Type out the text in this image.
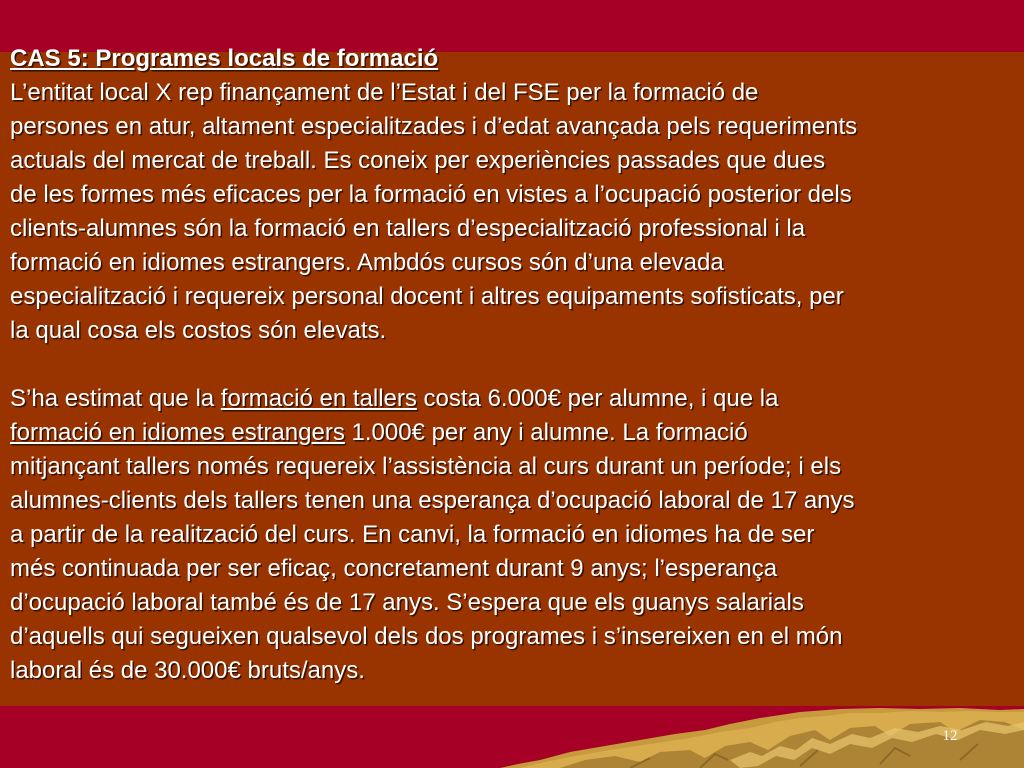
CAS 5: Programes locals de formació
L’entitat local X rep finançament de l’Estat i del FSE per la formació de
persones en atur, altament especialitzades i d’edat avançada pels requeriments
actuals del mercat de treball. Es coneix per experiències passades que dues
de les formes més eficaces per la formació en vistes a l’ocupació posterior dels
clients-alumnes són la formació en tallers d’especialització professional i la
formació en idiomes estrangers. Ambdós cursos són d’una elevada
especialització i requereix personal docent i altres equipaments sofisticats, per
la qual cosa els costos són elevats.
S’ha estimat que la formació en tallers costa 6.000€ per alumne, i que la
formació en idiomes estrangers 1.000€ per any i alumne. La formació
mitjançant tallers només requereix l’assistència al curs durant un període; i els
alumnes-clients dels tallers tenen una esperança d’ocupació laboral de 17 anys
a partir de la realització del curs. En canvi, la formació en idiomes ha de ser
més continuada per ser eficaç, concretament durant 9 anys; l’esperança
d’ocupació laboral també és de 17 anys. S’espera que els guanys salarials
d’aquells qui segueixen qualsevol dels dos programes i s’insereixen en el món
laboral és de 30.000€ bruts/anys.
12
